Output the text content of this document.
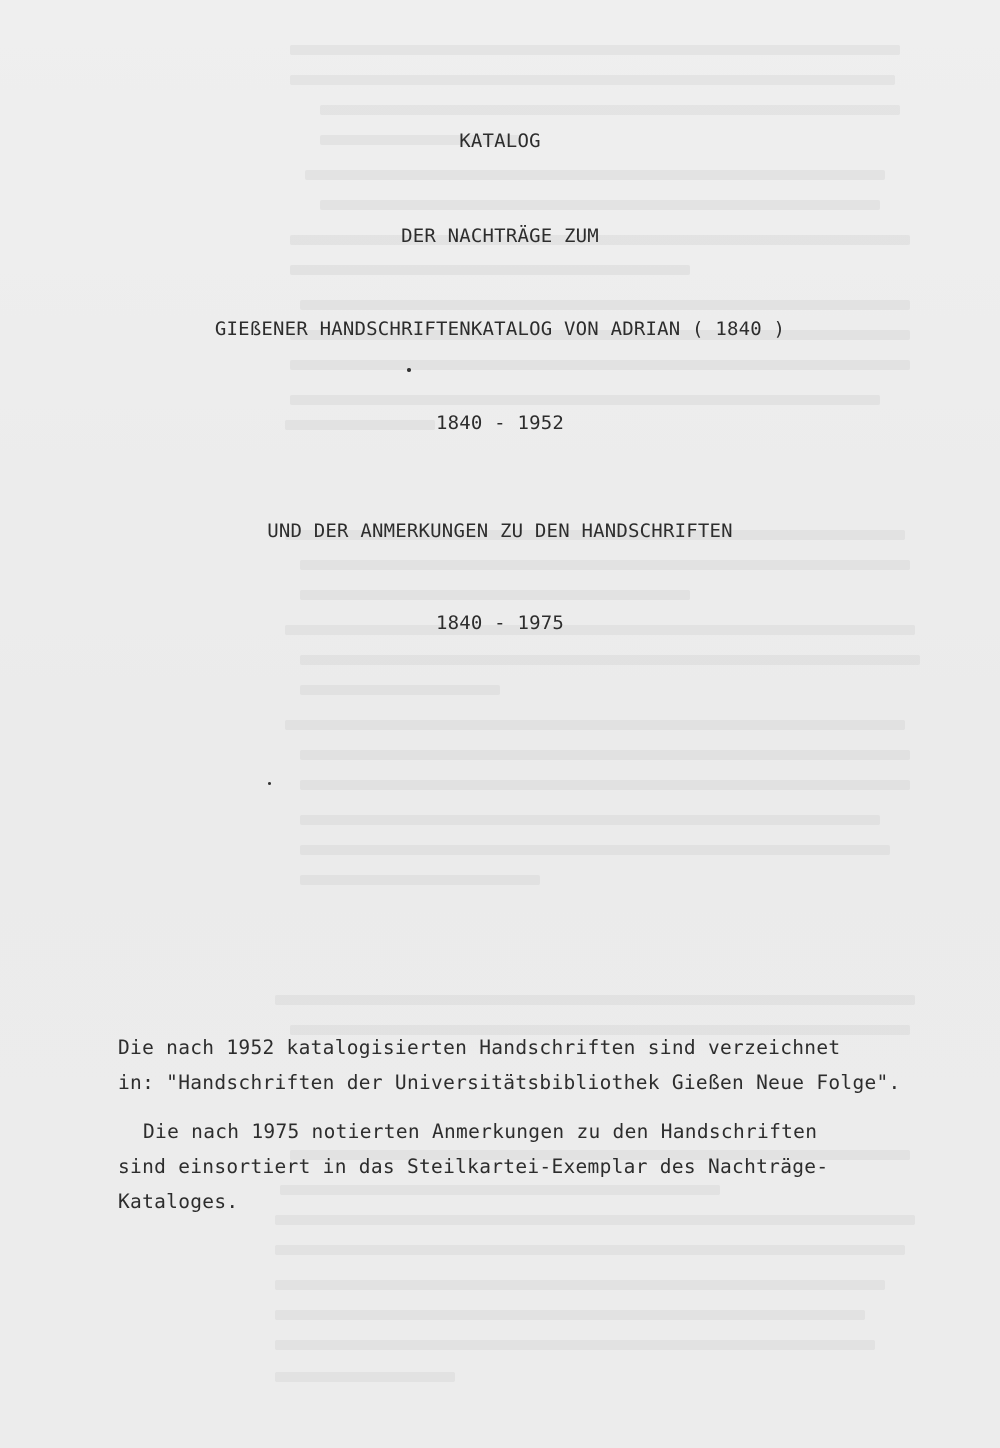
KATALOG
DER NACHTRÄGE ZUM
GIEßENER HANDSCHRIFTENKATALOG VON ADRIAN ( 1840 )
1840 - 1952
UND DER ANMERKUNGEN ZU DEN HANDSCHRIFTEN
1840 - 1975
Die nach 1952 katalogisierten Handschriften sind verzeichnet
in: "Handschriften der Universitätsbibliothek Gießen Neue Folge".
Die nach 1975 notierten Anmerkungen zu den Handschriften
sind einsortiert in das Steilkartei-Exemplar des Nachträge-
Kataloges.
